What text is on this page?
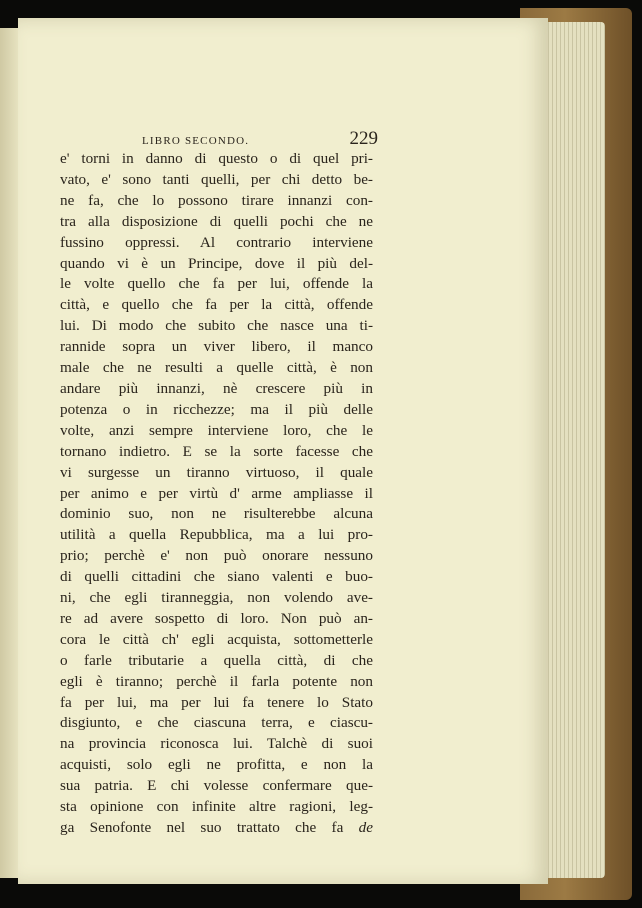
LIBRO SECONDO.	229
e' torni in danno di questo o di quel pri-
vato, e' sono tanti quelli, per chi detto be-
ne fa, che lo possono tirare innanzi con-
tra alla disposizione di quelli pochi che ne
fussino oppressi. Al contrario interviene
quando vi è un Principe, dove il più del-
le volte quello che fa per lui, offende la
città, e quello che fa per la città, offende
lui. Di modo che subito che nasce una ti-
rannide sopra un viver libero, il manco
male che ne resulti a quelle città, è non
andare più innanzi, nè crescere più in
potenza o in ricchezze; ma il più delle
volte, anzi sempre interviene loro, che le
tornano indietro. E se la sorte facesse che
vi surgesse un tiranno virtuoso, il quale
per animo e per virtù d' arme ampliasse il
dominio suo, non ne risulterebbe alcuna
utilità a quella Repubblica, ma a lui pro-
prio; perchè e' non può onorare nessuno
di quelli cittadini che siano valenti e buo-
ni, che egli tiranneggia, non volendo ave-
re ad avere sospetto di loro. Non può an-
cora le città ch' egli acquista, sottometterle
o farle tributarie a quella città, di che
egli è tiranno; perchè il farla potente non
fa per lui, ma per lui fa tenere lo Stato
disgiunto, e che ciascuna terra, e ciascu-
na provincia riconosca lui. Talchè di suoi
acquisti, solo egli ne profitta, e non la
sua patria. E chi volesse confermare que-
sta opinione con infinite altre ragioni, leg-
ga Senofonte nel suo trattato che fa de
